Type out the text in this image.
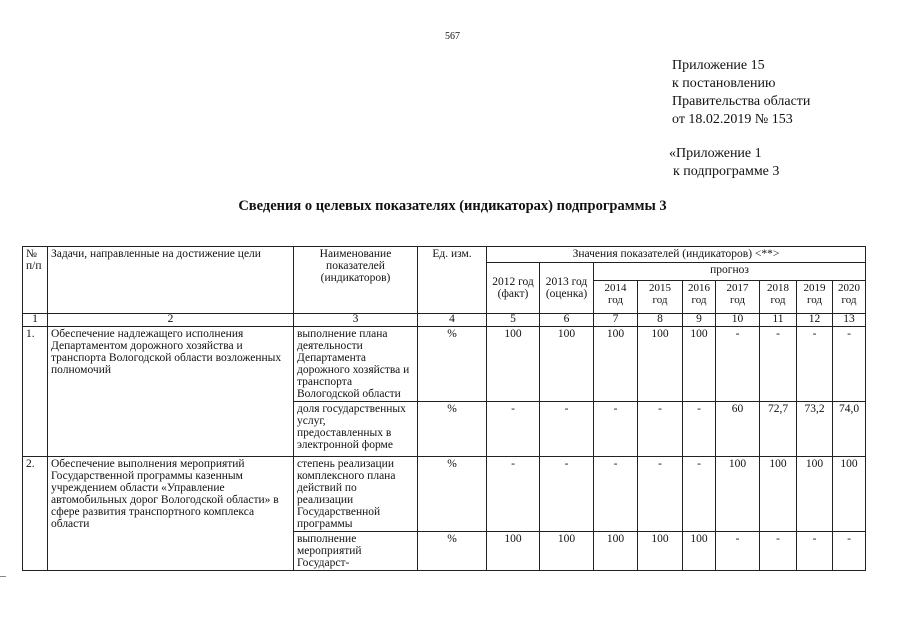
567
Приложение 15
к постановлению
Правительства области
от 18.02.2019 № 153
«Приложение 1
к подпрограмме 3
Сведения о целевых показателях (индикаторах) подпрограммы 3
№ п/п	Задачи, направленные на достижение цели	Наименование показателей (индикаторов)	Ед. изм.	Значения показателей (индикаторов) <**>								
				2012 год (факт)	2013 год (оценка)	прогноз						
						2014 год	2015 год	2016 год	2017 год	2018 год	2019 год	2020 год
1	2	3	4	5	6	7	8	9	10	11	12	13
1.	Обеспечение надлежащего исполнения Департаментом дорожного хозяйства и транспорта Вологодской области возложенных полномочий	выполнение плана деятельности Департамента дорожного хозяйства и транспорта Вологодской области	%	100	100	100	100	100	-	-	-	-
		доля государственных услуг, предоставленных в электронной форме	%	-	-	-	-	-	60	72,7	73,2	74,0
2.	Обеспечение выполнения мероприятий Государственной программы казенным учреждением области «Управление автомобильных дорог Вологодской области» в сфере развития транспортного комплекса области	степень реализации комплексного плана действий по реализации Государственной программы	%	-	-	-	-	-	100	100	100	100
		выполнение мероприятий Государст-	%	100	100	100	100	100	-	-	-	-
